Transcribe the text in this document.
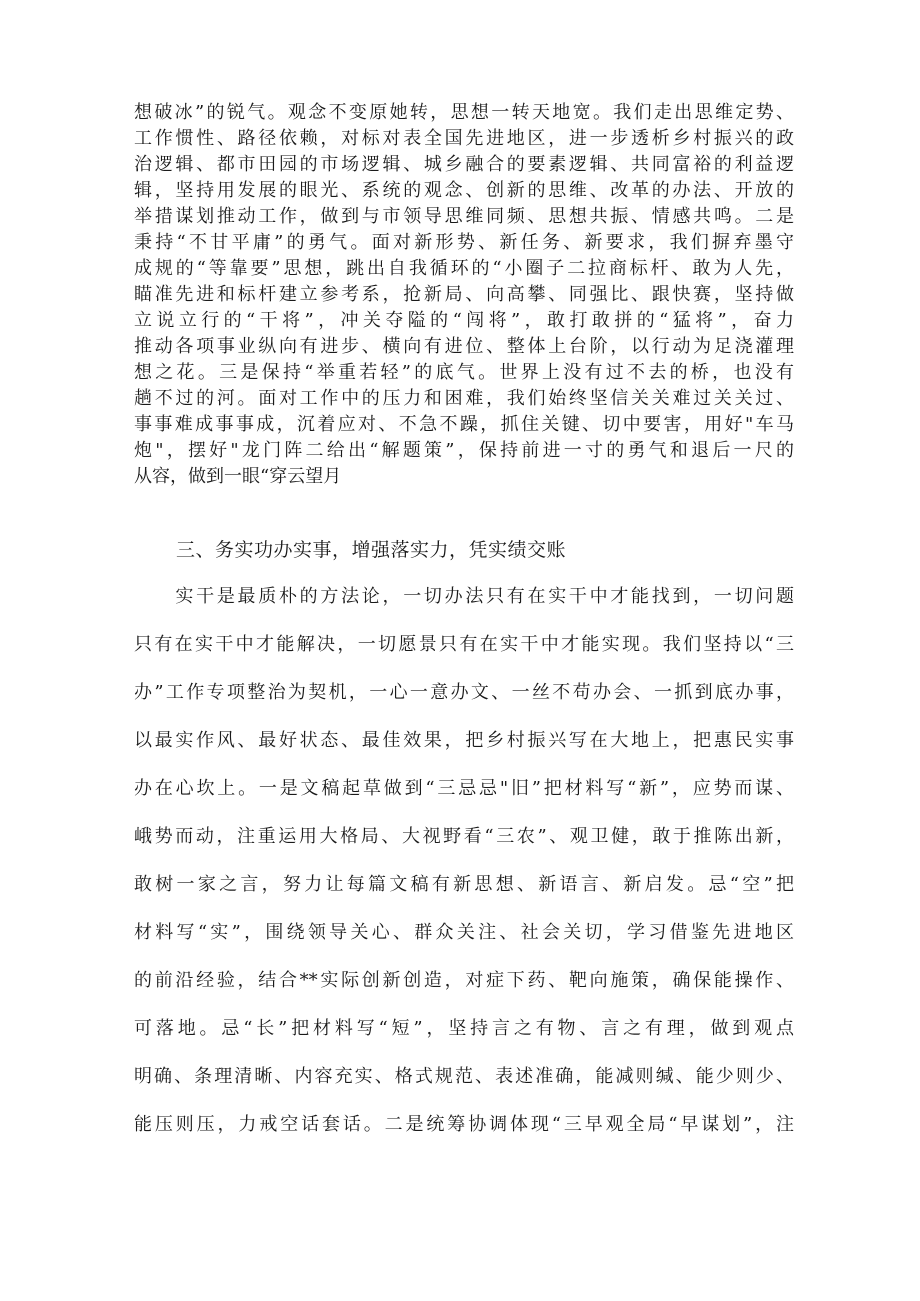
想破冰”的锐气。观念不变原她转，思想一转天地宽。我们走出思维定势、
工作惯性、路径依赖，对标对表全国先进地区，进一步透析乡村振兴的政
治逻辑、都市田园的市场逻辑、城乡融合的要素逻辑、共同富裕的利益逻
辑，坚持用发展的眼光、系统的观念、创新的思维、改革的办法、开放的
举措谋划推动工作，做到与市领导思维同频、思想共振、情感共鸣。二是
秉持“不甘平庸”的勇气。面对新形势、新任务、新要求，我们摒弃墨守
成规的“等靠要”思想，跳出自我循环的“小圈子二拉商标杆、敢为人先，
瞄准先进和标杆建立参考系，抢新局、向高攀、同强比、跟快赛，坚持做
立说立行的“干将”，冲关夺隘的“闯将”，敢打敢拼的“猛将”，奋力
推动各项事业纵向有进步、横向有进位、整体上台阶，以行动为足浇灌理
想之花。三是保持“举重若轻”的底气。世界上没有过不去的桥，也没有
趟不过的河。面对工作中的压力和困难，我们始终坚信关关难过关关过、
事事难成事事成，沉着应对、不急不躁，抓住关键、切中要害，用好"车马
炮"，摆好"龙门阵二给出“解题策”，保持前进一寸的勇气和退后一尺的
从容，做到一眼“穿云望月
三、务实功办实事，增强落实力，凭实绩交账
　　实干是最质朴的方法论，一切办法只有在实干中才能找到，一切问题
只有在实干中才能解决，一切愿景只有在实干中才能实现。我们坚持以“三
办”工作专项整治为契机，一心一意办文、一丝不苟办会、一抓到底办事，
以最实作风、最好状态、最佳效果，把乡村振兴写在大地上，把惠民实事
办在心坎上。一是文稿起草做到“三忌忌"旧”把材料写“新”，应势而谋、
峨势而动，注重运用大格局、大视野看“三农”、观卫健，敢于推陈出新，
敢树一家之言，努力让每篇文稿有新思想、新语言、新启发。忌“空”把
材料写“实”，围绕领导关心、群众关注、社会关切，学习借鉴先进地区
的前沿经验，结合**实际创新创造，对症下药、靶向施策，确保能操作、
可落地。忌“长”把材料写“短”，坚持言之有物、言之有理，做到观点
明确、条理清晰、内容充实、格式规范、表述准确，能减则缄、能少则少、
能压则压，力戒空话套话。二是统筹协调体现“三早观全局“早谋划”，注
